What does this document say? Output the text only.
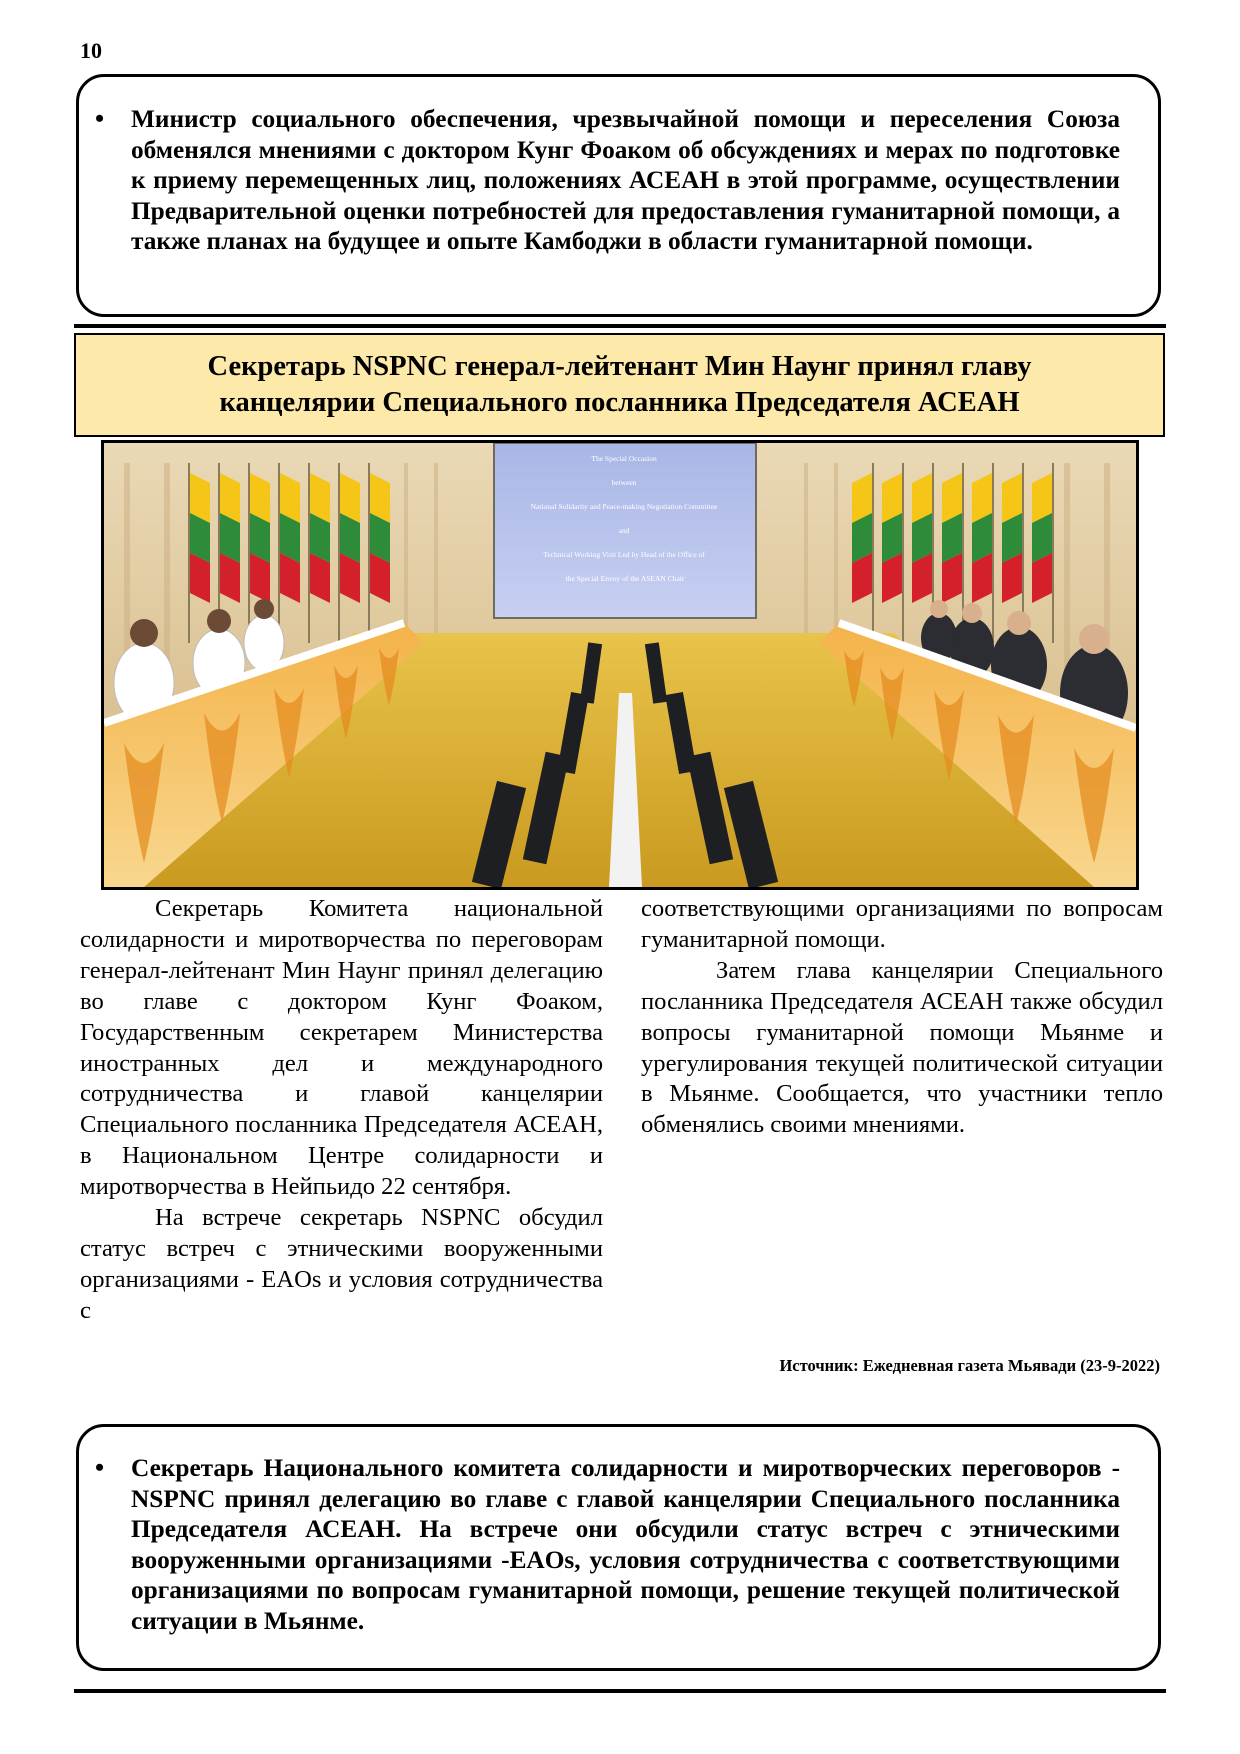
10
• Министр социального обеспечения, чрезвычайной помощи и переселения Союза обменялся мнениями с доктором Кунг Фоаком об обсуждениях и мерах по подготовке к приему перемещенных лиц, положениях АСЕАН в этой программе, осуществлении Предварительной оценки потребностей для предоставления гуманитарной помощи, а также планах на будущее и опыте Камбоджи в области гуманитарной помощи.
Секретарь NSPNC генерал-лейтенант Мин Наунг принял главу канцелярии Специального посланника Председателя АСЕАН
The Special Occasion between National Solidarity and Peace-making Negotiation Committee and Technical Working Visit Led by Head of the Office of the Special Envoy of the ASEAN Chair

Секретарь Комитета национальной солидарности и миротворчества по переговорам генерал-лейтенант Мин Наунг принял делегацию во главе с доктором Кунг Фоаком, Государственным секретарем Министерства иностранных дел и международного сотрудничества и главой канцелярии Специального посланника Председателя АСЕАН, в Национальном Центре солидарности и миротворчества в Нейпьидо 22 сентября.

На встрече секретарь NSPNC обсудил статус встреч с этническими вооруженными организациями - EAOs и условия сотрудничества с

соответствующими организациями по вопросам гуманитарной помощи.

Затем глава канцелярии Специального посланника Председателя АСЕАН также обсудил вопросы гуманитарной помощи Мьянме и урегулирования текущей политической ситуации в Мьянме. Сообщается, что участники тепло обменялись своими мнениями.

Источник: Ежедневная газета Мьявади (23-9-2022)
• Секретарь Национального комитета солидарности и миротворческих переговоров - NSPNC принял делегацию во главе с главой канцелярии Специального посланника Председателя АСЕАН. На встрече они обсудили статус встреч с этническими вооруженными организациями -EAOs, условия сотрудничества с соответствующими организациями по вопросам гуманитарной помощи, решение текущей политической ситуации в Мьянме.
